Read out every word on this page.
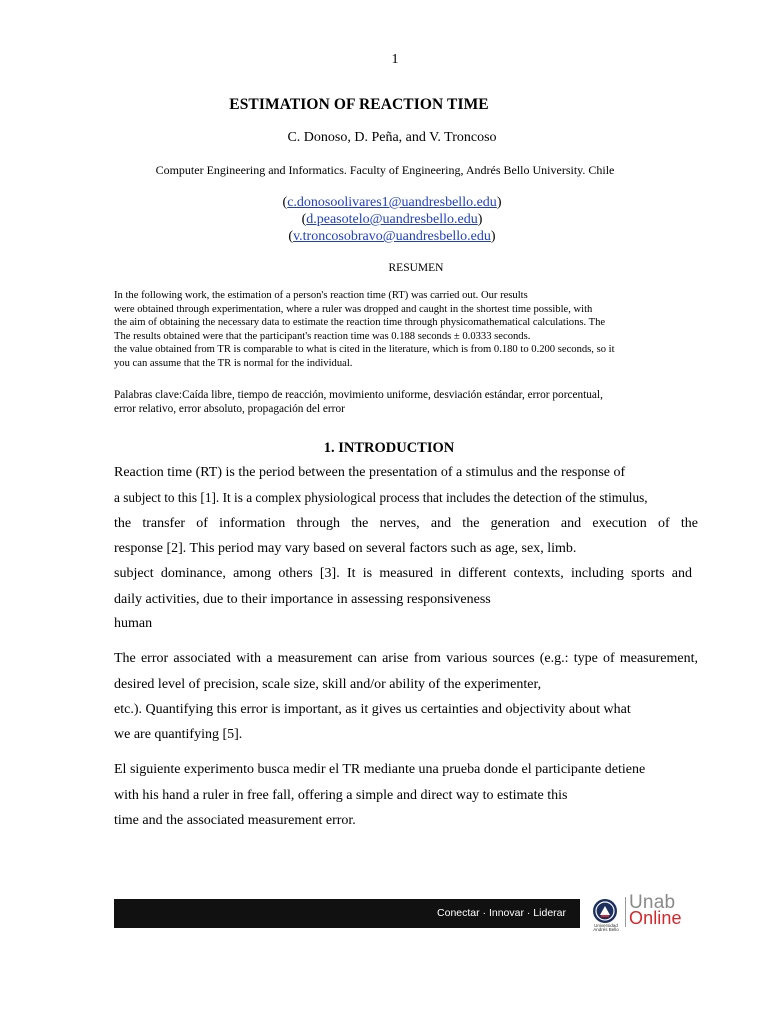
1
ESTIMATION OF REACTION TIME
C. Donoso, D. Peña, and V. Troncoso
Computer Engineering and Informatics. Faculty of Engineering, Andrés Bello University. Chile
(c.donosoolivares1@uandresbello.edu)
(d.peasotelo@uandresbello.edu)
(v.troncosobravo@uandresbello.edu)
RESUMEN

In the following work, the estimation of a person's reaction time (RT) was carried out. Our results

were obtained through experimentation, where a ruler was dropped and caught in the shortest time possible, with

the aim of obtaining the necessary data to estimate the reaction time through physicomathematical calculations. The

The results obtained were that the participant's reaction time was 0.188 seconds ± 0.0333 seconds.

the value obtained from TR is comparable to what is cited in the literature, which is from 0.180 to 0.200 seconds, so it

you can assume that the TR is normal for the individual.

Palabras clave:Caída libre, tiempo de reacción, movimiento uniforme, desviación estándar, error porcentual,

error relativo, error absoluto, propagación del error

1. INTRODUCTION
Reaction time (RT) is the period between the presentation of a stimulus and the response of
a subject to this [1]. It is a complex physiological process that includes the detection of the stimulus,
the transfer of information through the nerves, and the generation and execution of the
response [2]. This period may vary based on several factors such as age, sex, limb.
subject dominance, among others [3]. It is measured in different contexts, including sports and
daily activities, due to their importance in assessing responsiveness
human
The error associated with a measurement can arise from various sources (e.g.: type of measurement,
desired level of precision, scale size, skill and/or ability of the experimenter,
etc.). Quantifying this error is important, as it gives us certainties and objectivity about what
we are quantifying [5].
El siguiente experimento busca medir el TR mediante una prueba donde el participante detiene
with his hand a ruler in free fall, offering a simple and direct way to estimate this
time and the associated measurement error.
Conectar · Innovar · Liderar
Universidad
Andrés Bello
Unab
Online
